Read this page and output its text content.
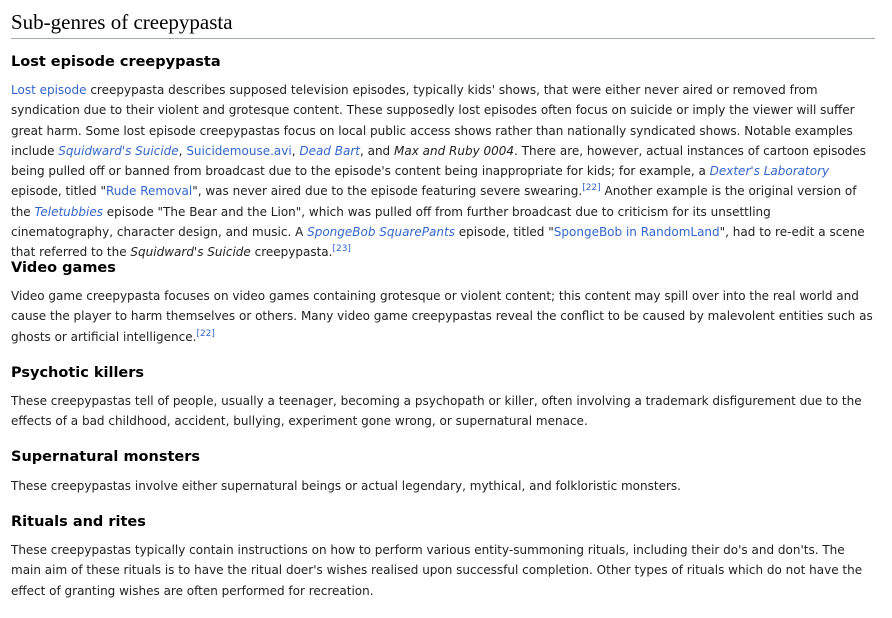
Sub-genres of creepypasta
Lost episode creepypasta

Lost episode creepypasta describes supposed television episodes, typically kids' shows, that were either never aired or removed from syndication due to their violent and grotesque content. These supposedly lost episodes often focus on suicide or imply the viewer will suffer great harm. Some lost episode creepypastas focus on local public access shows rather than nationally syndicated shows. Notable examples include Squidward's Suicide, Suicidemouse.avi, Dead Bart, and Max and Ruby 0004. There are, however, actual instances of cartoon episodes being pulled off or banned from broadcast due to the episode's content being inappropriate for kids; for example, a Dexter's Laboratory episode, titled "Rude Removal", was never aired due to the episode featuring severe swearing.[22] Another example is the original version of the Teletubbies episode "The Bear and the Lion", which was pulled off from further broadcast due to criticism for its unsettling cinematography, character design, and music. A SpongeBob SquarePants episode, titled "SpongeBob in RandomLand", had to re-edit a scene that referred to the Squidward's Suicide creepypasta.[23]

Video games

Video game creepypasta focuses on video games containing grotesque or violent content; this content may spill over into the real world and cause the player to harm themselves or others. Many video game creepypastas reveal the conflict to be caused by malevolent entities such as ghosts or artificial intelligence.[22]

Psychotic killers

These creepypastas tell of people, usually a teenager, becoming a psychopath or killer, often involving a trademark disfigurement due to the effects of a bad childhood, accident, bullying, experiment gone wrong, or supernatural menace.

Supernatural monsters

These creepypastas involve either supernatural beings or actual legendary, mythical, and folkloristic monsters.

Rituals and rites

These creepypastas typically contain instructions on how to perform various entity-summoning rituals, including their do's and don'ts. The main aim of these rituals is to have the ritual doer's wishes realised upon successful completion. Other types of rituals which do not have the effect of granting wishes are often performed for recreation.
